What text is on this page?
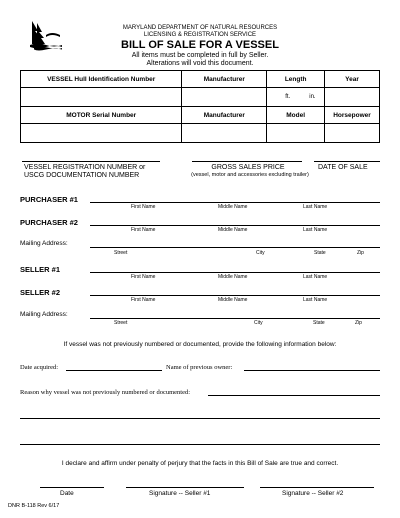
MARYLAND DEPARTMENT OF NATURAL RESOURCES
LICENSING & REGISTRATION SERVICE
BILL OF SALE FOR A VESSEL
All items must be completed in full by Seller.
Alterations will void this document.
VESSEL Hull Identification Number	Manufacturer	Length	Year

		ft. in.	

MOTOR Serial Number	Manufacturer	Model	Horsepower

VESSEL REGISTRATION NUMBER or
USCG DOCUMENTATION NUMBER
GROSS SALES PRICE
(vessel, motor and accessories excluding trailer)
DATE OF SALE
PURCHASER #1
First Name	Middle Name	Last Name
PURCHASER #2
First Name	Middle Name	Last Name
Mailing Address:
Street	City	State	Zip
SELLER #1
First Name	Middle Name	Last Name
SELLER #2
First Name	Middle Name	Last Name
Mailing Address:
Street	City	State	Zip
If vessel was not previously numbered or documented, provide the following information below:
Date acquired:	Name of previous owner:
Reason why vessel was not previously numbered or documented:
I declare and affirm under penalty of perjury that the facts in this Bill of Sale are true and correct.
Date	Signature -- Seller #1	Signature -- Seller #2
DNR B-118 Rev 6/17
